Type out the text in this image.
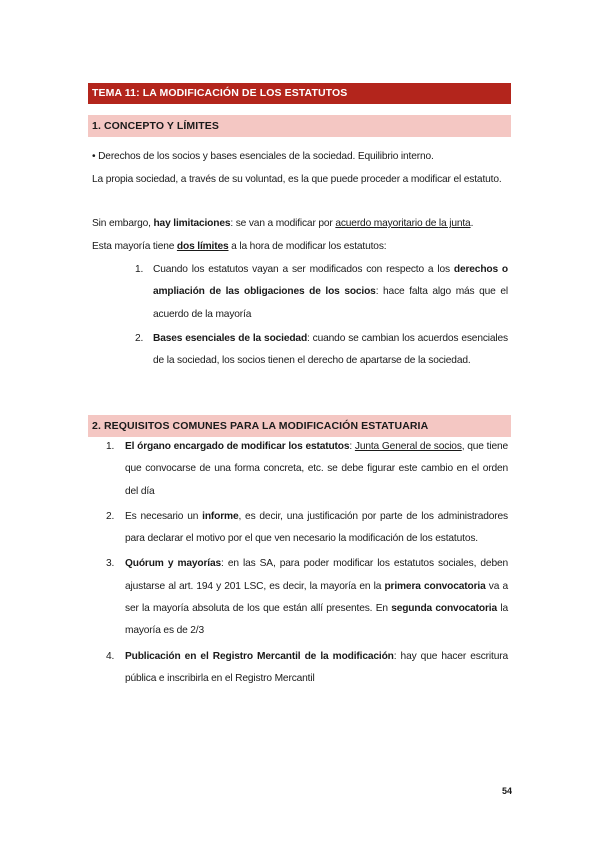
TEMA 11: LA MODIFICACIÓN DE LOS ESTATUTOS
1. CONCEPTO Y LÍMITES
• Derechos de los socios y bases esenciales de la sociedad. Equilibrio interno.
La propia sociedad, a través de su voluntad, es la que puede proceder a modificar el estatuto.
Sin embargo, hay limitaciones: se van a modificar por acuerdo mayoritario de la junta.
Esta mayoría tiene dos límites a la hora de modificar los estatutos:
1. Cuando los estatutos vayan a ser modificados con respecto a los derechos o ampliación de las obligaciones de los socios: hace falta algo más que el acuerdo de la mayoría
2. Bases esenciales de la sociedad: cuando se cambian los acuerdos esenciales de la sociedad, los socios tienen el derecho de apartarse de la sociedad.
2. REQUISITOS COMUNES PARA LA MODIFICACIÓN ESTATUARIA
1. El órgano encargado de modificar los estatutos: Junta General de socios, que tiene que convocarse de una forma concreta, etc. se debe figurar este cambio en el orden del día
2. Es necesario un informe, es decir, una justificación por parte de los administradores para declarar el motivo por el que ven necesario la modificación de los estatutos.
3. Quórum y mayorías: en las SA, para poder modificar los estatutos sociales, deben ajustarse al art. 194 y 201 LSC, es decir, la mayoría en la primera convocatoria va a ser la mayoría absoluta de los que están allí presentes. En segunda convocatoria la mayoría es de 2/3
4. Publicación en el Registro Mercantil de la modificación: hay que hacer escritura pública e inscribirla en el Registro Mercantil
54
